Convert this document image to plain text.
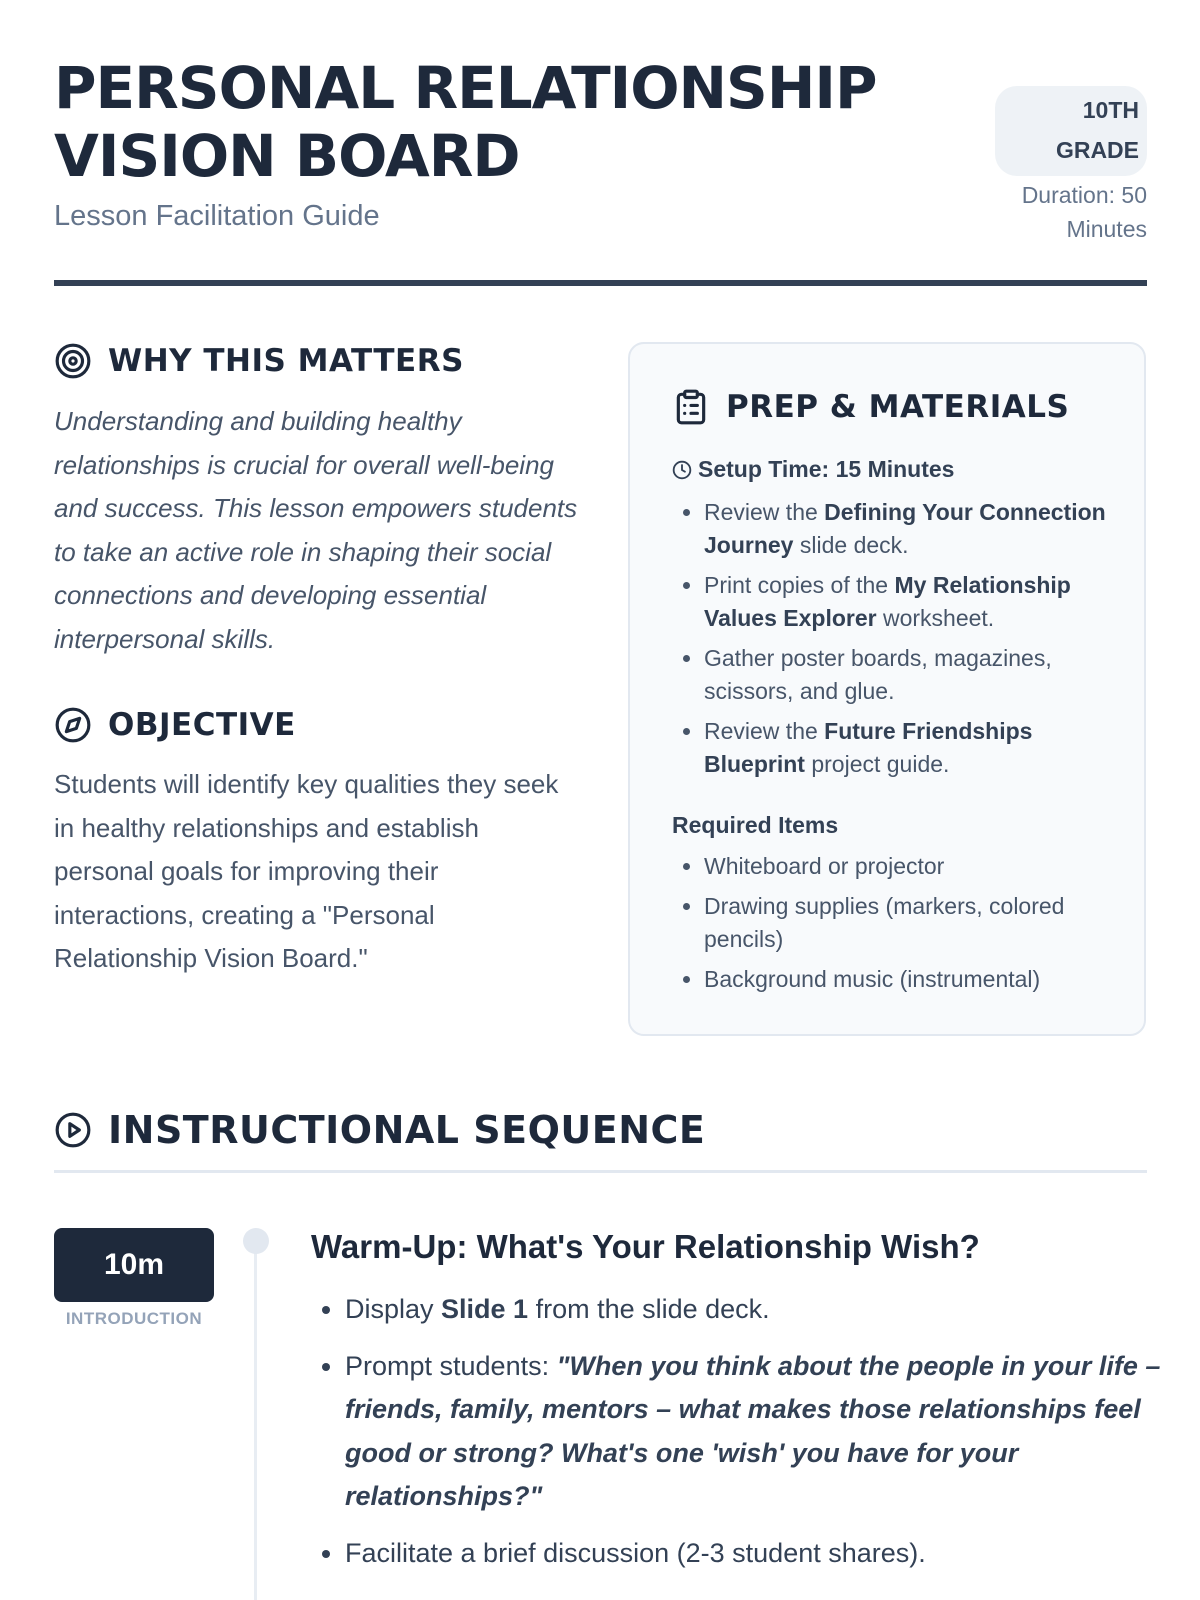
PERSONAL RELATIONSHIP VISION BOARD
Lesson Facilitation Guide
10TH GRADE
Duration: 50 Minutes
WHY THIS MATTERS

Understanding and building healthy relationships is crucial for overall well-being and success. This lesson empowers students to take an active role in shaping their social connections and developing essential interpersonal skills.

OBJECTIVE

Students will identify key qualities they seek in healthy relationships and establish personal goals for improving their interactions, creating a "Personal Relationship Vision Board."

PREP & MATERIALS
Setup Time: 15 Minutes
• Review the Defining Your Connection Journey slide deck.
• Print copies of the My Relationship Values Explorer worksheet.
• Gather poster boards, magazines, scissors, and glue.
• Review the Future Friendships Blueprint project guide.
Required Items
• Whiteboard or projector
• Drawing supplies (markers, colored pencils)
• Background music (instrumental)
INSTRUCTIONAL SEQUENCE
10m
INTRODUCTION
Warm-Up: What's Your Relationship Wish?
• Display Slide 1 from the slide deck.
• Prompt students: "When you think about the people in your life – friends, family, mentors – what makes those relationships feel good or strong? What's one 'wish' you have for your relationships?"
• Facilitate a brief discussion (2-3 student shares).
